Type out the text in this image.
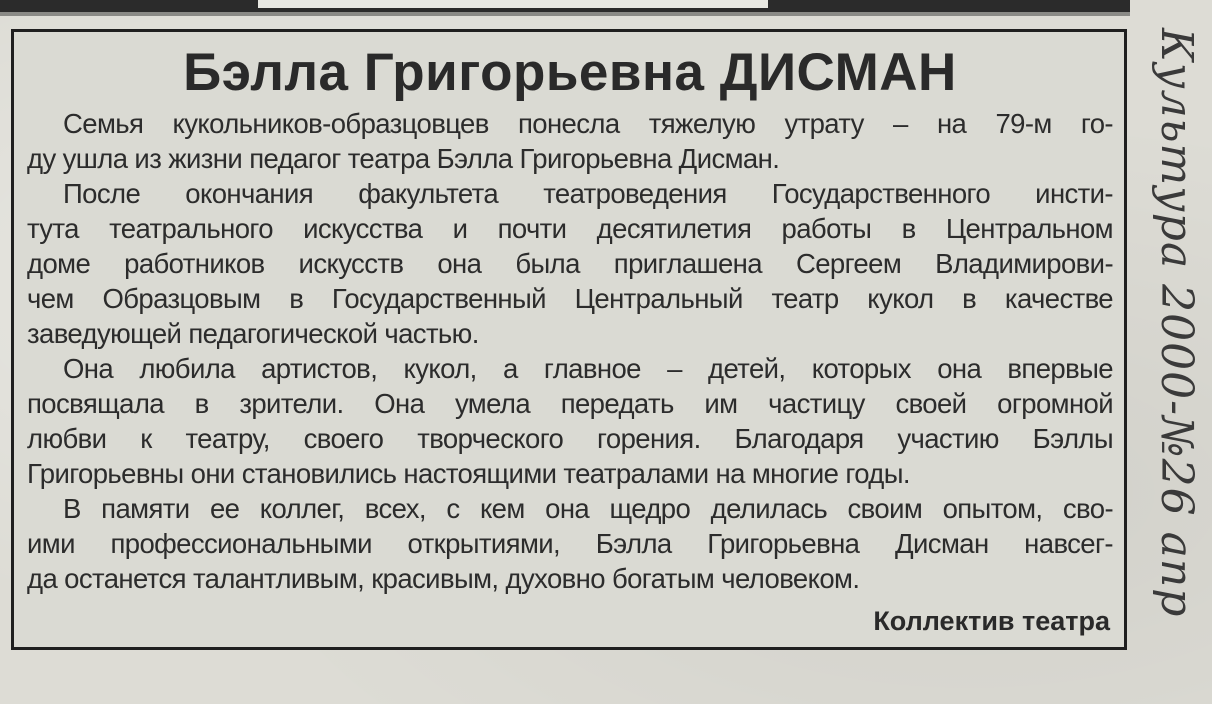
Бэлла Григорьевна ДИСМАН
Семья кукольников-образцовцев понесла тяжелую утрату – на 79-м го-
ду ушла из жизни педагог театра Бэлла Григорьевна Дисман.
После окончания факультета театроведения Государственного инсти-
тута театрального искусства и почти десятилетия работы в Центральном
доме работников искусств она была приглашена Сергеем Владимирови-
чем Образцовым в Государственный Центральный театр кукол в качестве
заведующей педагогической частью.
Она любила артистов, кукол, а главное – детей, которых она впервые
посвящала в зрители. Она умела передать им частицу своей огромной
любви к театру, своего творческого горения. Благодаря участию Бэллы
Григорьевны они становились настоящими театралами на многие годы.
В памяти ее коллег, всех, с кем она щедро делилась своим опытом, сво-
ими профессиональными открытиями, Бэлла Григорьевна Дисман навсег-
да останется талантливым, красивым, духовно богатым человеком.
Коллектив театра
Культура 2000-№26 апр
